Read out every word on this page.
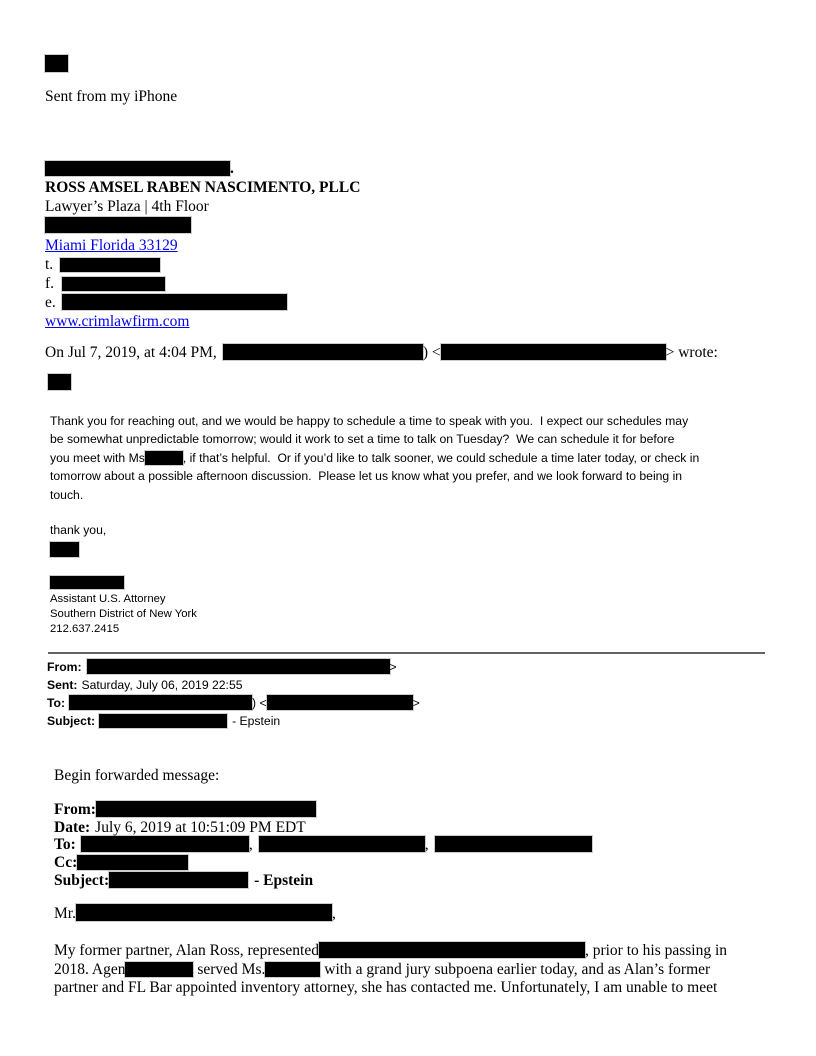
Sent from my iPhone
.
ROSS AMSEL RABEN NASCIMENTO, PLLC
Lawyer’s Plaza | 4th Floor
Miami Florida 33129
t.
f.
e.
www.crimlawfirm.com
On Jul 7, 2019, at 4:04 PM,	) <	> wrote:
Thank you for reaching out, and we would be happy to schedule a time to speak with you.  I expect our schedules may
be somewhat unpredictable tomorrow; would it work to set a time to talk on Tuesday?  We can schedule it for before
you meet with Ms	, if that’s helpful.  Or if you’d like to talk sooner, we could schedule a time later today, or check in
tomorrow about a possible afternoon discussion.  Please let us know what you prefer, and we look forward to being in
touch.
thank you,
Assistant U.S. Attorney
Southern District of New York
212.637.2415
From:	>
Sent: Saturday, July 06, 2019 22:55
To:	) <	>
Subject:	- Epstein
Begin forwarded message:
From:
Date: July 6, 2019 at 10:51:09 PM EDT
To:	,	,
Cc:
Subject:	- Epstein
Mr.	,
My former partner, Alan Ross, represented	, prior to his passing in
2018. Agen	served Ms.	with a grand jury subpoena earlier today, and as Alan’s former
partner and FL Bar appointed inventory attorney, she has contacted me. Unfortunately, I am unable to meet
